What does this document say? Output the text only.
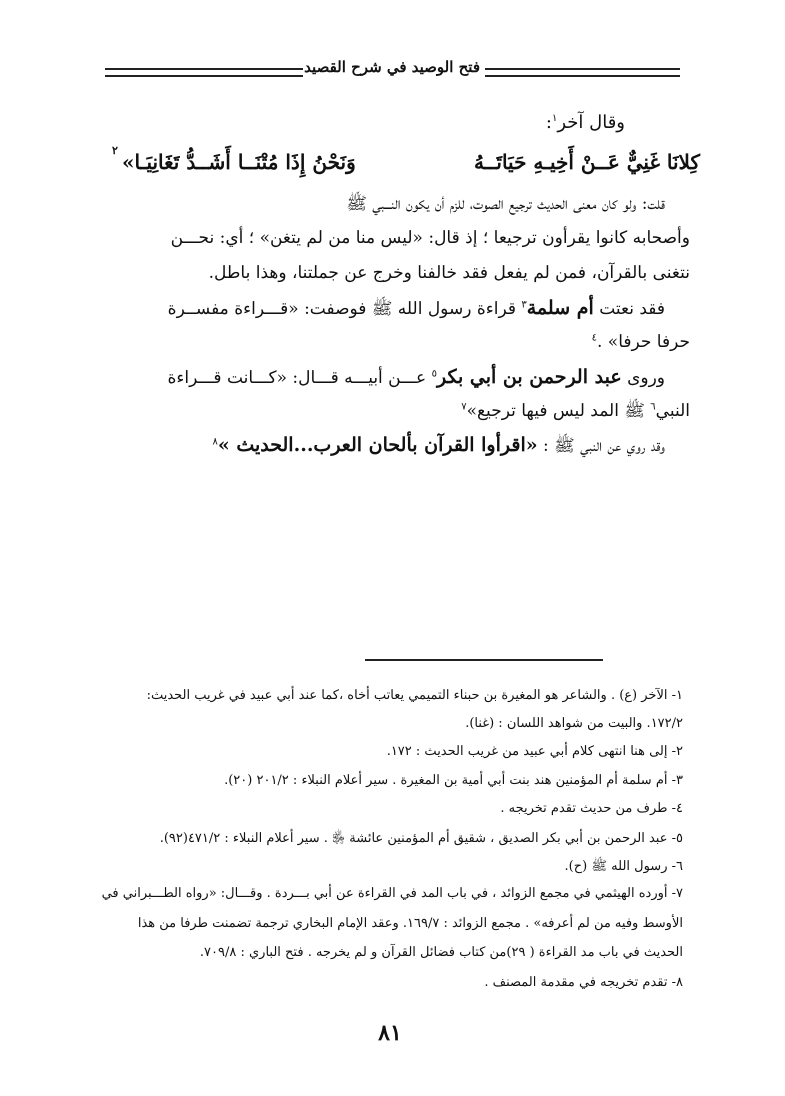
فتح الوصيد في شرح القصيد
وقال آخر$^١$:
كِلانَا غَنِيٌّ عَــنْ أَخِيـهِ حَيَاتَــهُ
وَنَحْنُ إِذَا مُتْنَــا أَشَــدُّ تَغَانِيَـا»
٢
قلت: ولو كان معنى الحديث ترجيع الصوت، للزم أن يكون النـــبي ﷺ
وأصحابه كانوا يقرأون ترجيعا ؛ إذ قال: «ليس منا من لم يتغن» ؛ أي: نحـــن
نتغنى بالقرآن، فمن لم يفعل فقد خالفنا وخرج عن جملتنا، وهذا باطل.
فقد نعتت أم سلمة$^٣$ قراءة رسول الله ﷺ فوصفت: «قـــراءة مفســرة
حرفا حرفا» .$^٤$
وروى عبد الرحمن بن أبي بكر$^٥$ عـــن أبيـــه قـــال: «كـــانت قـــراءة
النبي$^٦$ ﷺ المد ليس فيها ترجيع»$^٧$
وقد روي عن النبي ﷺ : «اقرأوا القرآن بألحان العرب...الحديث »$^٨$
١- الآخر (ع) . والشاعر هو المغيرة بن حبناء التميمي يعاتب أخاه ،كما عند أبي عبيد في غريب الحديث:
١٧٢/٢. والبيت من شواهد اللسان : (غنا).
٢- إلى هنا انتهى كلام أبي عبيد من غريب الحديث : ١٧٢.
٣- أم سلمة أم المؤمنين هند بنت أبي أمية بن المغيرة . سير أعلام النبلاء : ٢٠١/٢ (٢٠).
٤- طرف من حديث تقدم تخريجه .
٥- عبد الرحمن بن أبي بكر الصديق ، شقيق أم المؤمنين عائشة ﵂ . سير أعلام النبلاء : ٤٧١/٢(٩٢).
٦- رسول الله ﷺ (ح).
٧- أورده الهيثمي في مجمع الزوائد ، في باب المد في القراءة عن أبي بـــردة . وقـــال: «رواه الطـــبراني في
الأوسط وفيه من لم أعرفه» . مجمع الزوائد : ١٦٩/٧. وعقد الإمام البخاري ترجمة تضمنت طرفا من هذا
الحديث في باب مد القراءة ( ٢٩)من كتاب فضائل القرآن و لم يخرجه . فتح الباري : ٧٠٩/٨.
٨- تقدم تخريجه في مقدمة المصنف .
٨١
